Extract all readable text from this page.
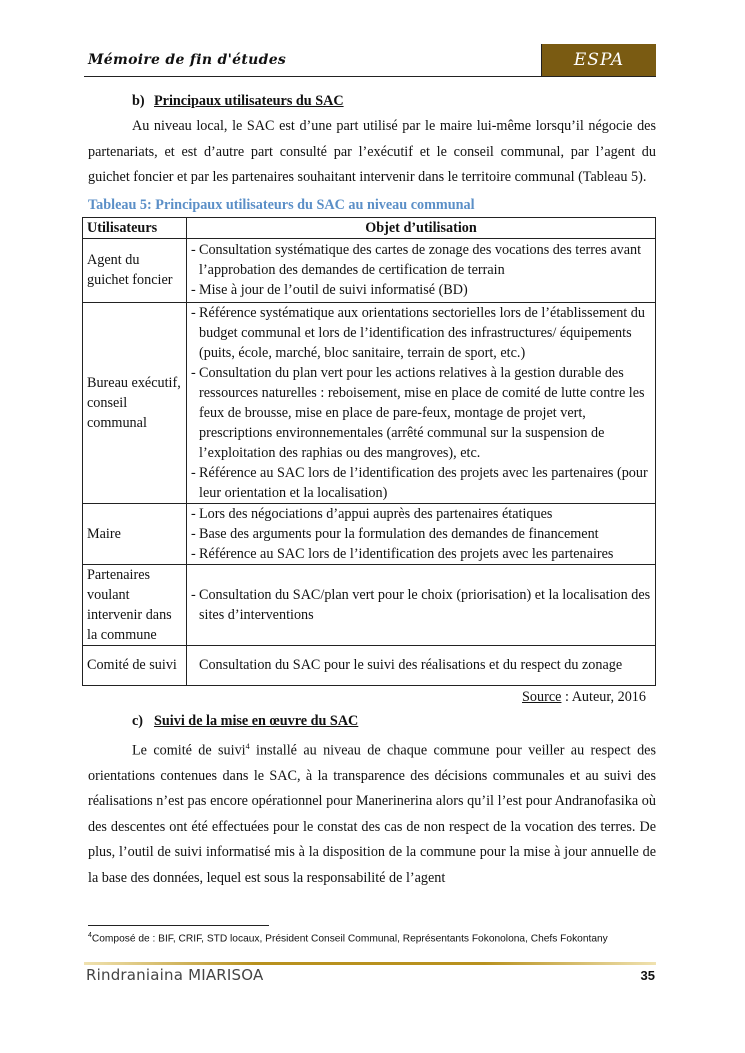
Mémoire de fin d'études	ESPA
b) Principaux utilisateurs du SAC

Au niveau local, le SAC est d’une part utilisé par le maire lui-même lorsqu’il négocie des partenariats, et est d’autre part consulté par l’exécutif et le conseil communal, par l’agent du guichet foncier et par les partenaires souhaitant intervenir dans le territoire communal (Tableau 5).

Tableau 5: Principaux utilisateurs du SAC au niveau communal
Utilisateurs	Objet d’utilisation
Agent du guichet foncier	
- Consultation systématique des cartes de zonage des vocations des terres avant l’approbation des demandes de certification de terrain
- Mise à jour de l’outil de suivi informatisé (BD)

Bureau exécutif, conseil communal	
- Référence systématique aux orientations sectorielles lors de l’établissement du budget communal et lors de l’identification des infrastructures/ équipements (puits, école, marché, bloc sanitaire, terrain de sport, etc.)
- Consultation du plan vert pour les actions relatives à la gestion durable des ressources naturelles : reboisement, mise en place de comité de lutte contre les feux de brousse, mise en place de pare-feux, montage de projet vert, prescriptions environnementales (arrêté communal sur la suspension de l’exploitation des raphias ou des mangroves), etc.
- Référence au SAC lors de l’identification des projets avec les partenaires (pour leur orientation et la localisation)

Maire	
- Lors des négociations d’appui auprès des partenaires étatiques
- Base des arguments pour la formulation des demandes de financement
- Référence au SAC lors de l’identification des projets avec les partenaires

Partenaires voulant intervenir dans la commune	
- Consultation du SAC/plan vert pour le choix (priorisation) et la localisation des sites d’interventions

Comité de suivi	Consultation du SAC pour le suivi des réalisations et du respect du zonage
Source : Auteur, 2016
c) Suivi de la mise en œuvre du SAC

Le comité de suivi$^4$ installé au niveau de chaque commune pour veiller au respect des orientations contenues dans le SAC, à la transparence des décisions communales et au suivi des réalisations n’est pas encore opérationnel pour Manerinerina alors qu’il l’est pour Andranofasika où des descentes ont été effectuées pour le constat des cas de non respect de la vocation des terres. De plus, l’outil de suivi informatisé mis à la disposition de la commune pour la mise à jour annuelle de la base des données, lequel est sous la responsabilité de l’agent

$^4$Composé de : BIF, CRIF, STD locaux, Président Conseil Communal, Représentants Fokonolona, Chefs Fokontany
Rindraniaina MIARISOA	35
